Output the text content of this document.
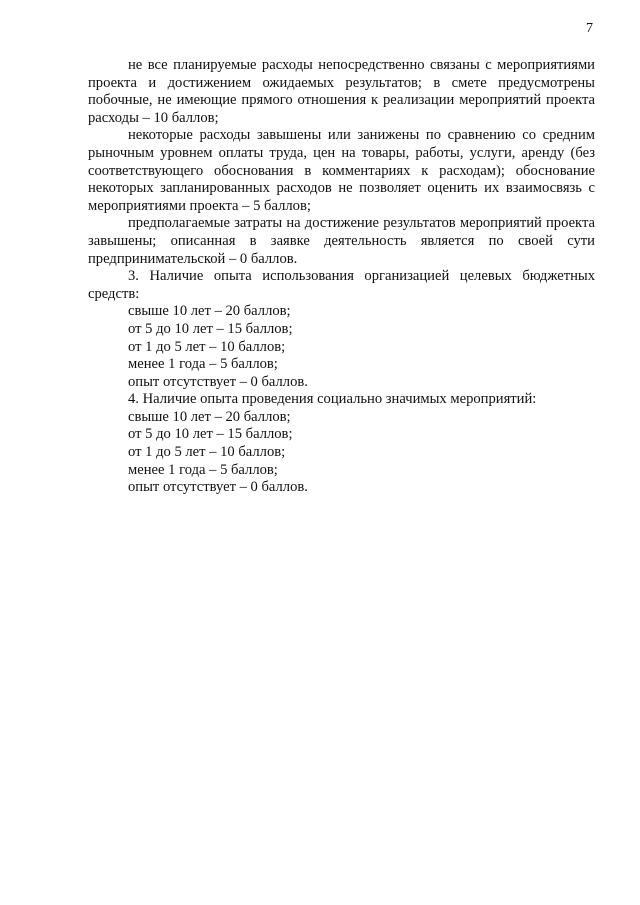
7

не все планируемые расходы непосредственно связаны с мероприятиями проекта и достижением ожидаемых результатов; в смете предусмотрены побочные, не имеющие прямого отношения к реализации мероприятий проекта расходы – 10 баллов;

некоторые расходы завышены или занижены по сравнению со средним рыночным уровнем оплаты труда, цен на товары, работы, услуги, аренду (без соответствующего обоснования в комментариях к расходам); обоснование некоторых запланированных расходов не позволяет оценить их взаимосвязь с мероприятиями проекта – 5 баллов;

предполагаемые затраты на достижение результатов мероприятий проекта завышены; описанная в заявке деятельность является по своей сути предпринимательской – 0 баллов.

3. Наличие опыта использования организацией целевых бюджетных средств:

свыше 10 лет – 20 баллов;

от 5 до 10 лет – 15 баллов;

от 1 до 5 лет – 10 баллов;

менее 1 года – 5 баллов;

опыт отсутствует – 0 баллов.

4. Наличие опыта проведения социально значимых мероприятий:

свыше 10 лет – 20 баллов;

от 5 до 10 лет – 15 баллов;

от 1 до 5 лет – 10 баллов;

менее 1 года – 5 баллов;

опыт отсутствует – 0 баллов.
